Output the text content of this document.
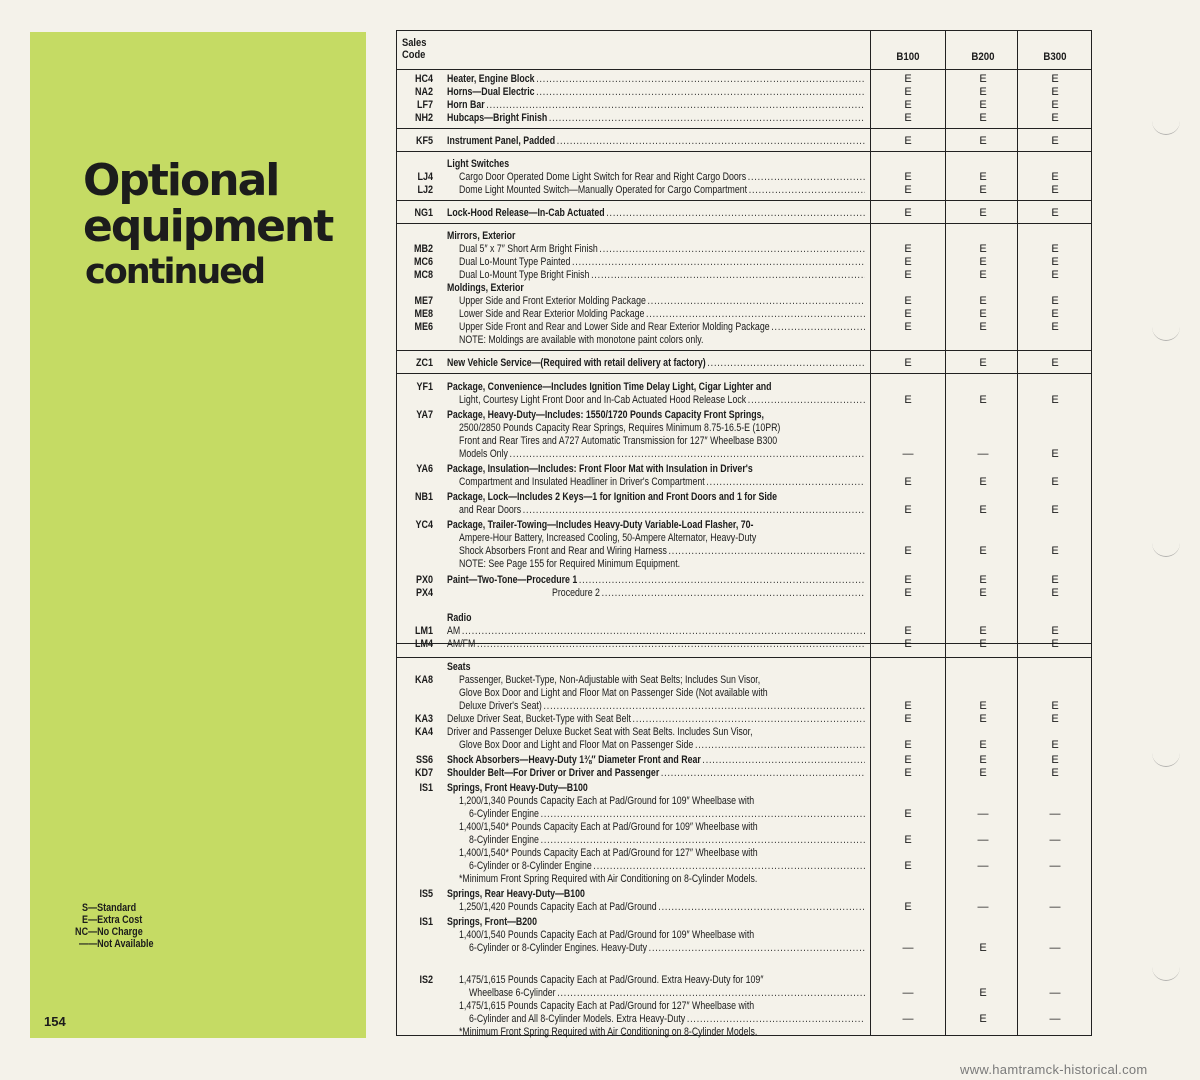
Optional
equipment
continued
S—Standard
E—Extra Cost
NC—No Charge
——Not Available
154
Sales
Code	B100	B200	B300
HC4 Heater, Engine Block . . .	E	E	E
NA2 Horns—Dual Electric . . .	E	E	E
LF7 Horn Bar . . .	E	E	E
NH2 Hubcaps—Bright Finish . . .	E	E	E
KF5 Instrument Panel, Padded . . .	E	E	E
Light Switches
LJ4 Cargo Door Operated Dome Light Switch for Rear and Right Cargo Doors . . .	E	E	E
LJ2 Dome Light Mounted Switch—Manually Operated for Cargo Compartment . . .	E	E	E
NG1 Lock-Hood Release—In-Cab Actuated . . .	E	E	E
Mirrors, Exterior
MB2 Dual 5″ x 7″ Short Arm Bright Finish . . .	E	E	E
MC6 Dual Lo-Mount Type Painted . . .	E	E	E
MC8 Dual Lo-Mount Type Bright Finish . . .	E	E	E
Moldings, Exterior
ME7 Upper Side and Front Exterior Molding Package . . .	E	E	E
ME8 Lower Side and Rear Exterior Molding Package . . .	E	E	E
ME6 Upper Side Front and Rear and Lower Side and Rear Exterior Molding Package . . .	E	E	E
NOTE: Moldings are available with monotone paint colors only.
ZC1 New Vehicle Service—(Required with retail delivery at factory) . . .	E	E	E
YF1 Package, Convenience—Includes Ignition Time Delay Light, Cigar Lighter and
Light, Courtesy Light Front Door and In-Cab Actuated Hood Release Lock . . .	E	E	E
YA7 Package, Heavy-Duty—Includes: 1550/1720 Pounds Capacity Front Springs,
2500/2850 Pounds Capacity Rear Springs, Requires Minimum 8.75-16.5-E (10PR)
Front and Rear Tires and A727 Automatic Transmission for 127″ Wheelbase B300
Models Only . . .	—	—	E
YA6 Package, Insulation—Includes: Front Floor Mat with Insulation in Driver's
Compartment and Insulated Headliner in Driver's Compartment . . .	E	E	E
NB1 Package, Lock—Includes 2 Keys—1 for Ignition and Front Doors and 1 for Side
and Rear Doors . . .	E	E	E
YC4 Package, Trailer-Towing—Includes Heavy-Duty Variable-Load Flasher, 70-
Ampere-Hour Battery, Increased Cooling, 50-Ampere Alternator, Heavy-Duty
Shock Absorbers Front and Rear and Wiring Harness . . .	E	E	E
NOTE: See Page 155 for Required Minimum Equipment.
PX0 Paint—Two-Tone—Procedure 1 . . .	E	E	E
PX4	Procedure 2 . . .	E	E	E
Radio
LM1 AM . . .	E	E	E
LM4 AM/FM . . .	E	E	E
Seats
KA8 Passenger, Bucket-Type, Non-Adjustable with Seat Belts; Includes Sun Visor,
Glove Box Door and Light and Floor Mat on Passenger Side (Not available with
Deluxe Driver's Seat) . . .	E	E	E
KA3 Deluxe Driver Seat, Bucket-Type with Seat Belt . . .	E	E	E
KA4 Driver and Passenger Deluxe Bucket Seat with Seat Belts. Includes Sun Visor,
Glove Box Door and Light and Floor Mat on Passenger Side . . .	E	E	E
SS6 Shock Absorbers—Heavy-Duty 1⅜″ Diameter Front and Rear . . .	E	E	E
KD7 Shoulder Belt—For Driver or Driver and Passenger . . .	E	E	E
IS1 Springs, Front Heavy-Duty—B100
1,200/1,340 Pounds Capacity Each at Pad/Ground for 109″ Wheelbase with
6-Cylinder Engine . . .	E	—	—
1,400/1,540* Pounds Capacity Each at Pad/Ground for 109″ Wheelbase with
8-Cylinder Engine . . .	E	—	—
1,400/1,540* Pounds Capacity Each at Pad/Ground for 127″ Wheelbase with
6-Cylinder or 8-Cylinder Engine . . .	E	—	—
*Minimum Front Spring Required with Air Conditioning on 8-Cylinder Models.
IS5 Springs, Rear Heavy-Duty—B100
1,250/1,420 Pounds Capacity Each at Pad/Ground . . .	E	—	—
IS1 Springs, Front—B200
1,400/1,540 Pounds Capacity Each at Pad/Ground for 109″ Wheelbase with
6-Cylinder or 8-Cylinder Engines. Heavy-Duty . . .	—	E	—
IS2 1,475/1,615 Pounds Capacity Each at Pad/Ground. Extra Heavy-Duty for 109″
Wheelbase 6-Cylinder . . .	—	E	—
1,475/1,615 Pounds Capacity Each at Pad/Ground for 127″ Wheelbase with
6-Cylinder and All 8-Cylinder Models. Extra Heavy-Duty . . .	—	E	—
*Minimum Front Spring Required with Air Conditioning on 8-Cylinder Models.
www.hamtramck-historical.com
